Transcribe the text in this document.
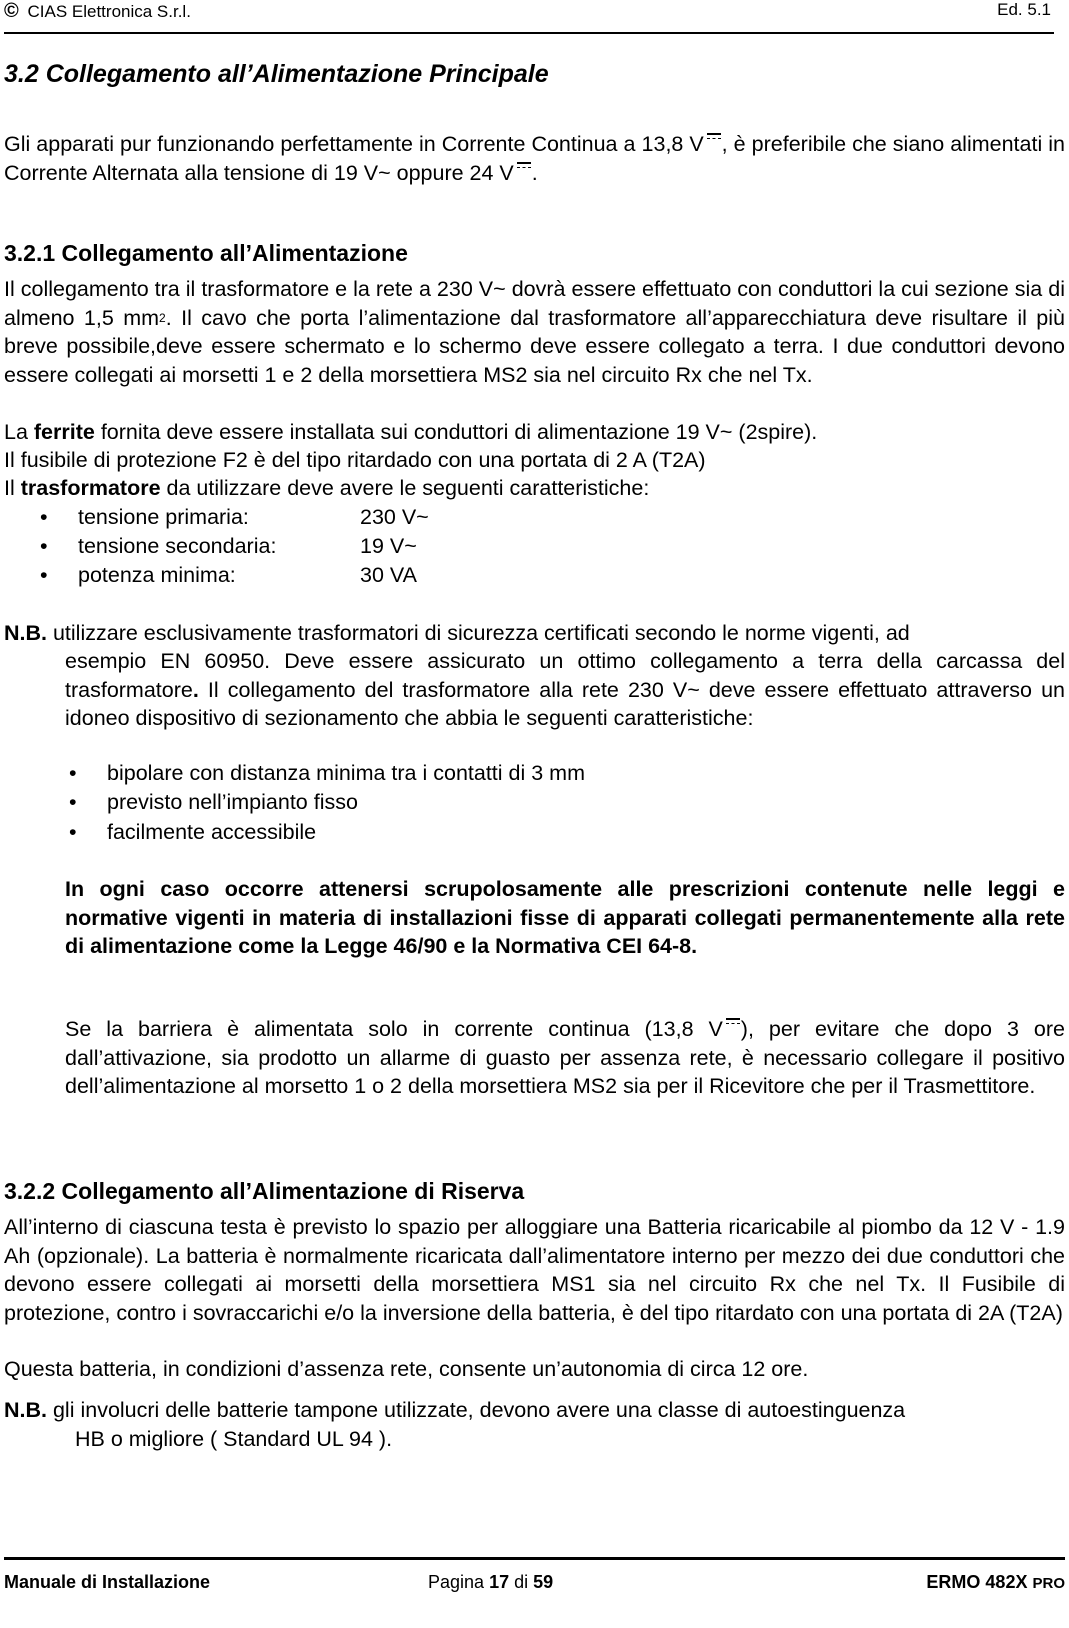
© CIAS Elettronica S.r.l.	Ed. 5.1
3.2 Collegamento all’Alimentazione Principale

Gli apparati pur funzionando perfettamente in Corrente Continua a 13,8 V​   , è preferibile che siano alimentati in Corrente Alternata alla tensione di 19 V~ oppure 24 V​   .

3.2.1 Collegamento all’Alimentazione

Il collegamento tra il trasformatore e la rete a 230 V~ dovrà essere effettuato con conduttori la cui sezione sia di almeno 1,5 $mm^2$. Il cavo che porta l’alimentazione dal trasformatore all’apparecchiatura deve risultare il più breve possibile,deve essere schermato e lo schermo deve essere collegato a terra. I due conduttori devono essere collegati ai morsetti 1 e 2 della morsettiera MS2 sia nel circuito Rx che nel Tx.

La ferrite fornita deve essere installata sui conduttori di alimentazione 19 V~ (2spire).

Il fusibile di protezione F2 è del tipo ritardado con una portata di 2 A (T2A)

Il trasformatore da utilizzare deve avere le seguenti caratteristiche:

• tensione primaria:	230 V~
• tensione secondaria:	19 V~
• potenza minima:	30 VA

N.B. utilizzare esclusivamente trasformatori di sicurezza certificati secondo le norme vigenti, ad

esempio EN 60950. Deve essere assicurato un ottimo collegamento a terra della carcassa del trasformatore. Il collegamento del trasformatore alla rete 230 V~ deve essere effettuato attraverso un idoneo dispositivo di sezionamento che abbia le seguenti caratteristiche:

• bipolare con distanza minima tra i contatti di 3 mm
• previsto nell’impianto fisso
• facilmente accessibile

In ogni caso occorre attenersi scrupolosamente alle prescrizioni contenute nelle leggi e normative vigenti in materia di installazioni fisse di apparati collegati permanentemente alla rete di alimentazione come la Legge 46/90 e la Normativa CEI 64-8.

Se la barriera è alimentata solo in corrente continua (13,8 V​   ), per evitare che dopo 3 ore dall’attivazione, sia prodotto un allarme di guasto per assenza rete, è necessario collegare il positivo dell’alimentazione al morsetto 1 o 2 della morsettiera MS2 sia per il Ricevitore che per il Trasmettitore.

3.2.2 Collegamento all’Alimentazione di Riserva

All’interno di ciascuna testa è previsto lo spazio per alloggiare una Batteria ricaricabile al piombo da 12 V - 1.9 Ah (opzionale). La batteria è normalmente ricaricata dall’alimentatore interno per mezzo dei due conduttori che devono essere collegati ai morsetti della morsettiera MS1 sia nel circuito Rx che nel Tx. Il Fusibile di protezione, contro i sovraccarichi e/o la inversione della batteria, è del tipo ritardato con una portata di 2A (T2A)

Questa batteria, in condizioni d’assenza rete, consente un’autonomia di circa 12 ore.

N.B. gli involucri delle batterie tampone utilizzate, devono avere una classe di autoestinguenza

HB o migliore ( Standard UL 94 ).

Manuale di Installazione	Pagina 17 di 59	ERMO 482X PRO
